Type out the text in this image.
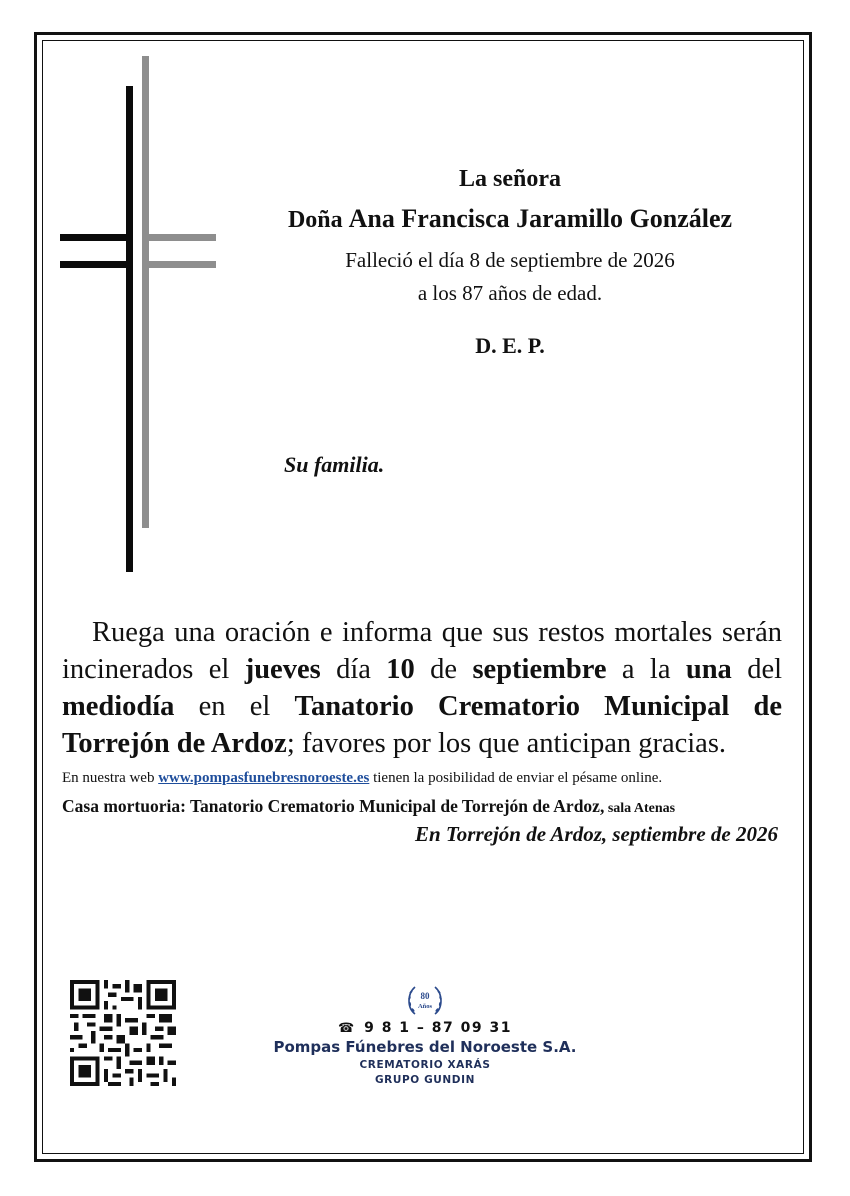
La señora
Doña Ana Francisca Jaramillo González
Falleció el día 8 de septiembre de 2026
a los 87 años de edad.
D. E. P.
Su familia.
Ruega una oración e informa que sus restos mortales serán incinerados el jueves día 10 de septiembre a la una del mediodía en el Tanatorio Crematorio Municipal de Torrejón de Ardoz; favores por los que anticipan gracias.
En nuestra web www.pompasfunebresnoroeste.es tienen la posibilidad de enviar el pésame online.
Casa mortuoria: Tanatorio Crematorio Municipal de Torrejón de Ardoz, sala Atenas
En Torrejón de Ardoz, septiembre de 2026
80
Años
☎ 9 8 1 – 87 09 31
Pompas Fúnebres del Noroeste S.A.
CREMATORIO XARÁS
GRUPO GUNDIN
